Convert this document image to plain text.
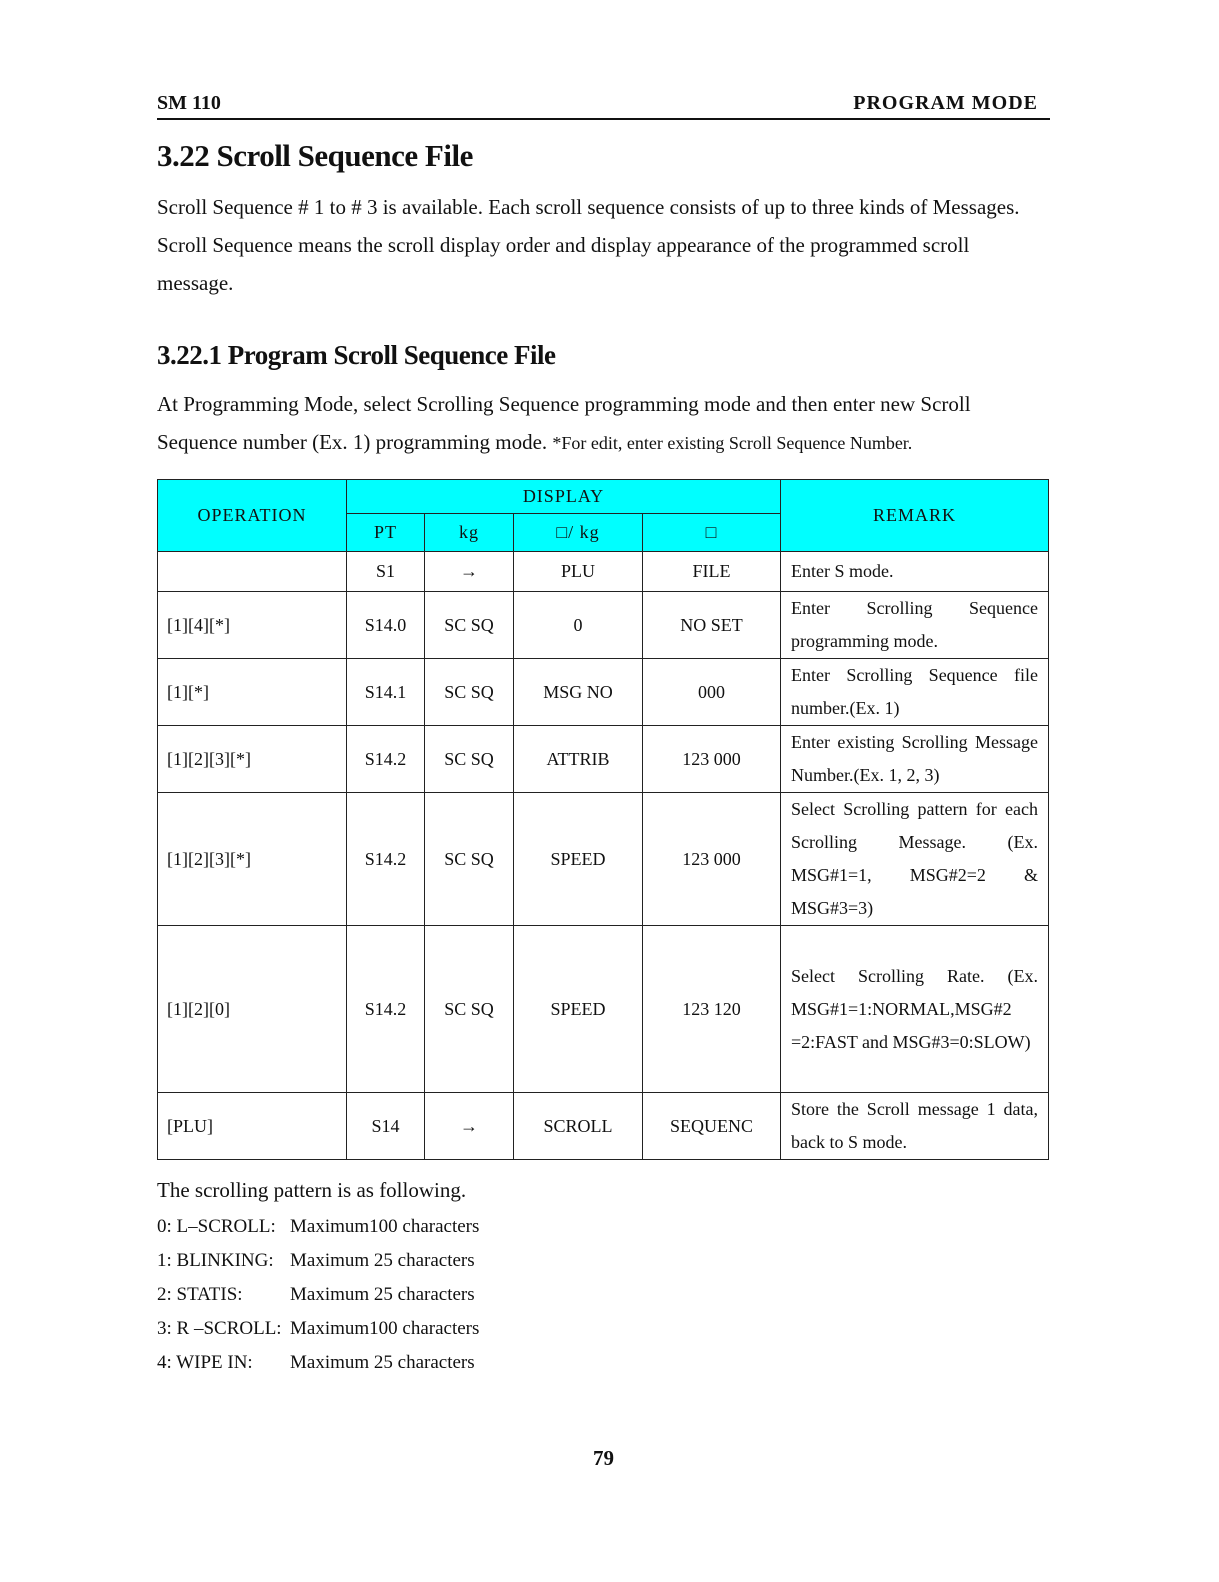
SM 110	PROGRAM MODE
3.22 Scroll Sequence File

Scroll Sequence # 1 to # 3 is available. Each scroll sequence consists of up to three kinds of Messages. Scroll Sequence means the scroll display order and display appearance of the programmed scroll message.

3.22.1 Program Scroll Sequence File

At Programming Mode, select Scrolling Sequence programming mode and then enter new Scroll Sequence number (Ex. 1) programming mode. *For edit, enter existing Scroll Sequence Number.

OPERATION	DISPLAY				REMARK
	PT	kg	□/ kg	□	
	S1	→	PLU	FILE	Enter S mode.
[1][4][*]	S14.0	SC SQ	0	NO SET	Enter Scrolling Sequence programming mode.
[1][*]	S14.1	SC SQ	MSG NO	000	Enter Scrolling Sequence file number.(Ex. 1)
[1][2][3][*]	S14.2	SC SQ	ATTRIB	123 000	Enter existing Scrolling Message Number.(Ex. 1, 2, 3)
[1][2][3][*]	S14.2	SC SQ	SPEED	123 000	Select Scrolling pattern for each Scrolling Message. (Ex. MSG#1=1, MSG#2=2 & MSG#3=3)
[1][2][0]	S14.2	SC SQ	SPEED	123 120	Select Scrolling Rate. (Ex. MSG#1=1:NORMAL,MSG#2 =2:FAST and MSG#3=0:SLOW)
[PLU]	S14	→	SCROLL	SEQUENC	Store the Scroll message 1 data, back to S mode.
The scrolling pattern is as following.
0: L–SCROLL: Maximum100 characters
1: BLINKING: Maximum 25 characters
2: STATIS: Maximum 25 characters
3: R –SCROLL: Maximum100 characters
4: WIPE IN: Maximum 25 characters
79
